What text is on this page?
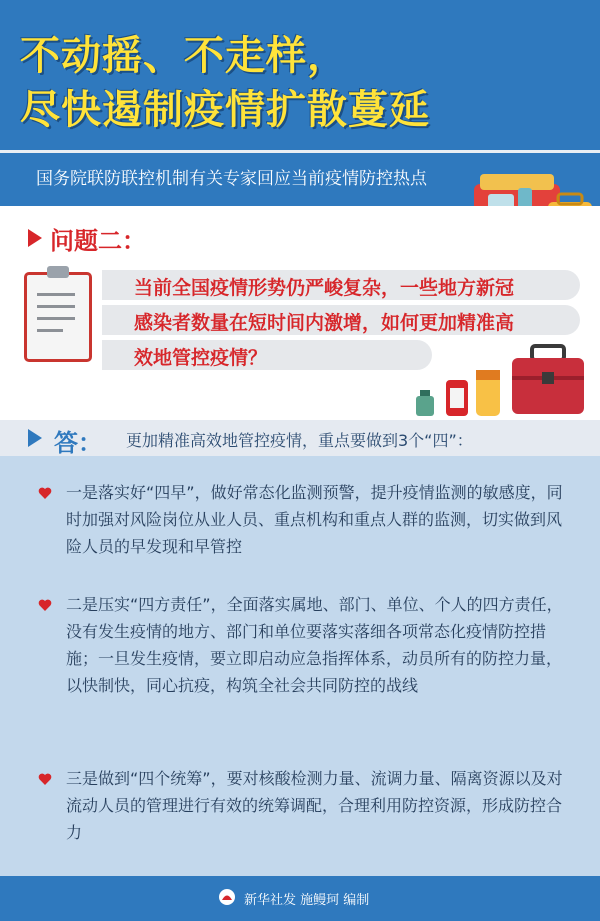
不动摇、不走样，
尽快遏制疫情扩散蔓延
国务院联防联控机制有关专家回应当前疫情防控热点
问题二：
当前全国疫情形势仍严峻复杂，一些地方新冠
感染者数量在短时间内激增，如何更加精准高
效地管控疫情？
答： 更加精准高效地管控疫情，重点要做到3个“四”：
一是落实好“四早”，做好常态化监测预警，提升疫情监测的敏感度，同时加强对风险岗位从业人员、重点机构和重点人群的监测，切实做到风险人员的早发现和早管控
二是压实“四方责任”，全面落实属地、部门、单位、个人的四方责任，没有发生疫情的地方、部门和单位要落实落细各项常态化疫情防控措施；一旦发生疫情，要立即启动应急指挥体系，动员所有的防控力量，以快制快，同心抗疫，构筑全社会共同防控的战线
三是做到“四个统筹”，要对核酸检测力量、流调力量、隔离资源以及对流动人员的管理进行有效的统筹调配，合理利用防控资源，形成防控合力
新华社发 施鳗珂 编制
